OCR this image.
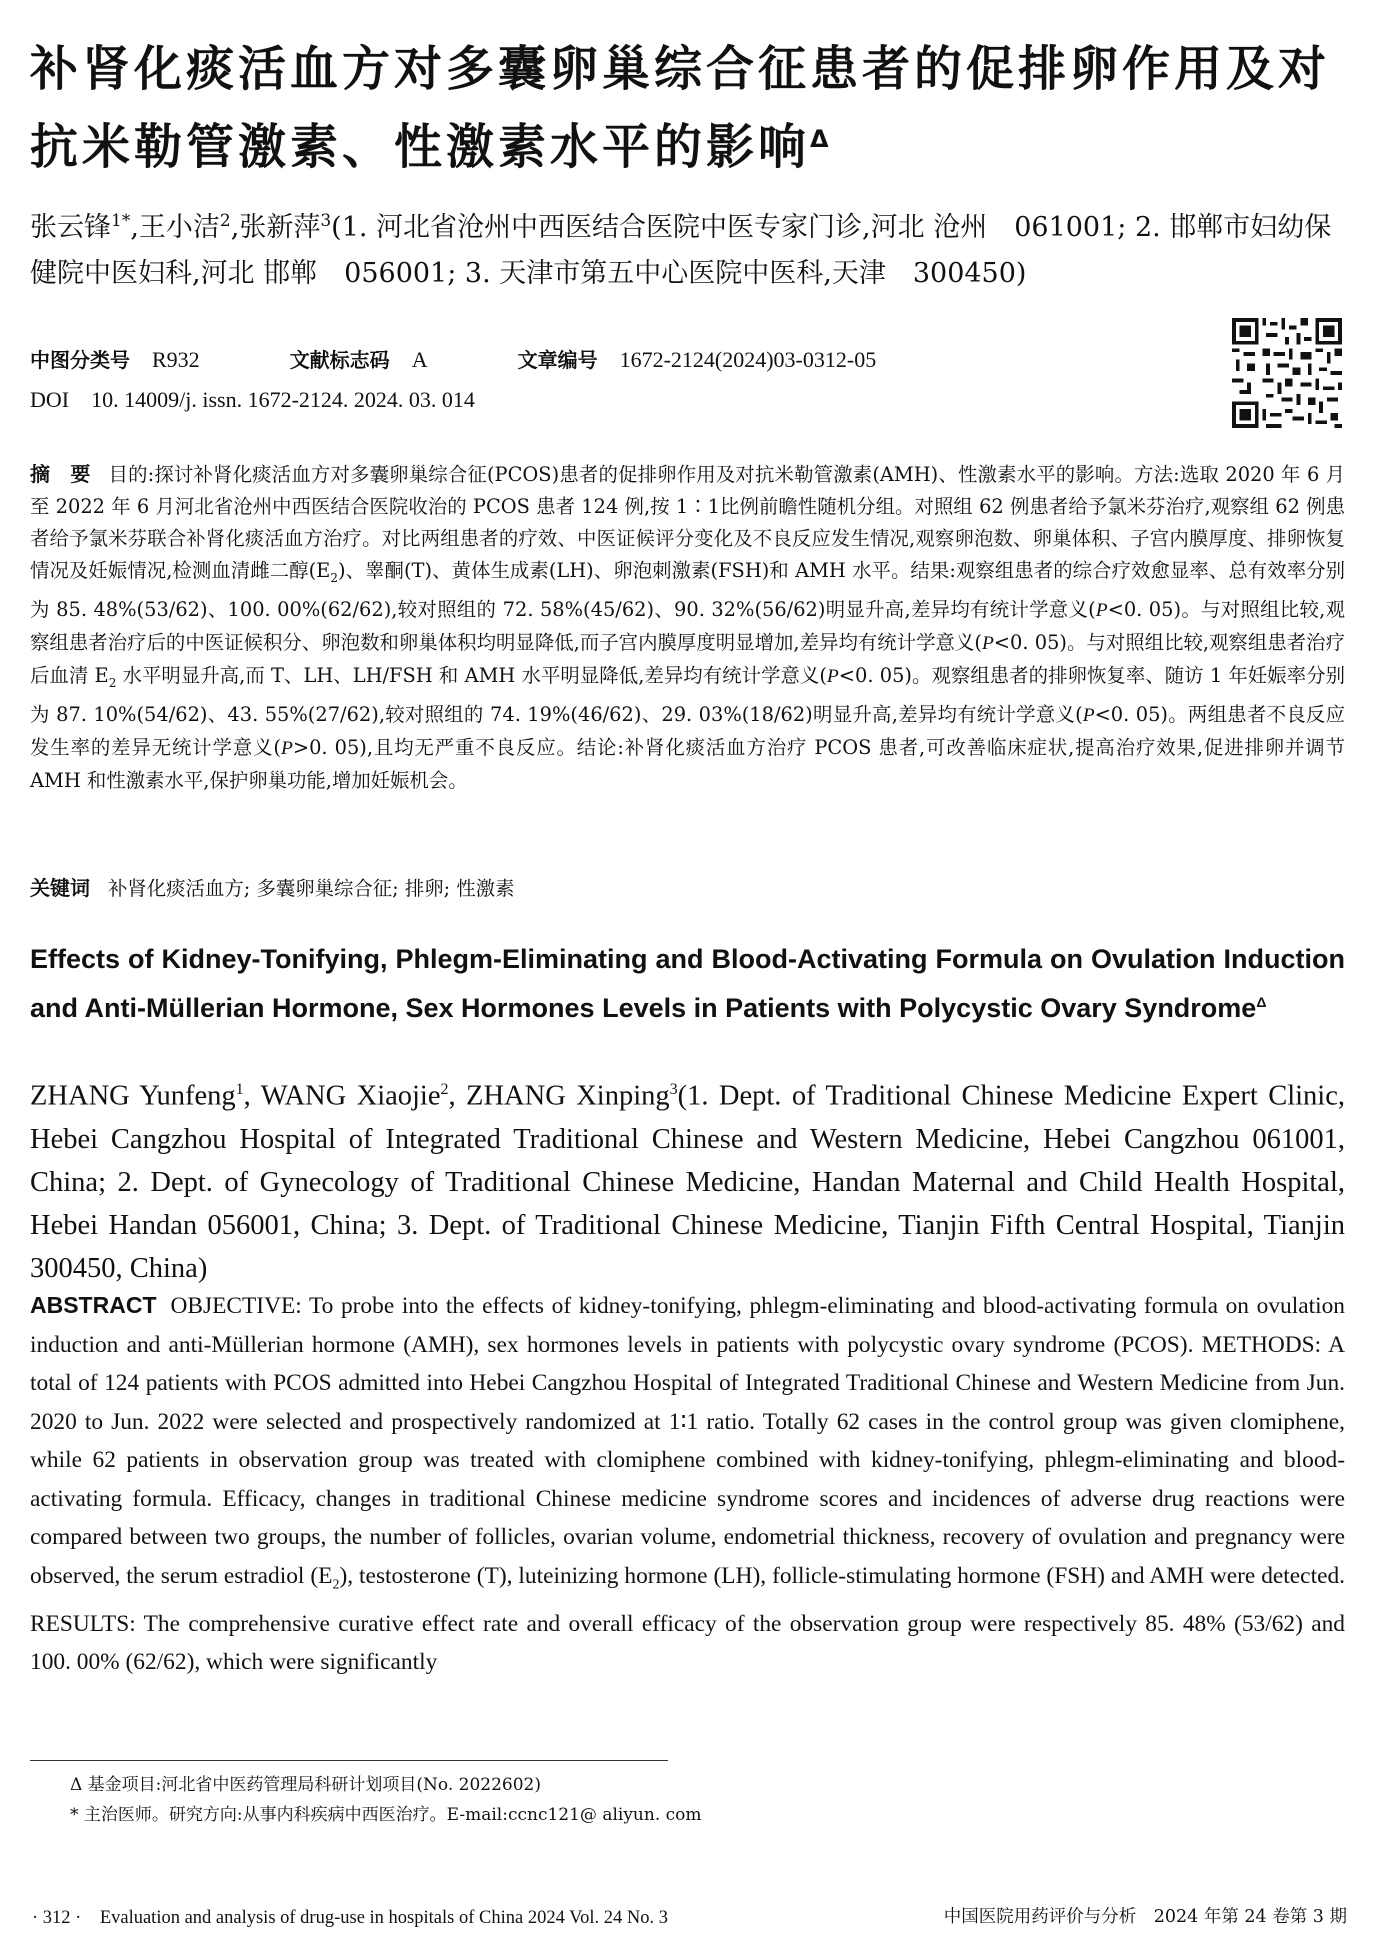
补肾化痰活血方对多囊卵巢综合征患者的促排卵作用及对抗米勒管激素、性激素水平的影响$^\Delta$

张云锋$^{1*}$,王小洁$^2$,张新萍$^3$(1. 河北省沧州中西医结合医院中医专家门诊,河北 沧州　061001; 2. 邯郸市妇幼保健院中医妇科,河北 邯郸　056001; 3. 天津市第五中心医院中医科,天津　300450)

中图分类号 R932	文献标志码 A	文章编号 1672-2124(2024)03-0312-05
DOI 10. 14009/j. issn. 1672-2124. 2024. 03. 014

摘　要 目的:探讨补肾化痰活血方对多囊卵巢综合征(PCOS)患者的促排卵作用及对抗米勒管激素(AMH)、性激素水平的影响。方法:选取 2020 年 6 月至 2022 年 6 月河北省沧州中西医结合医院收治的 PCOS 患者 124 例,按 1∶1比例前瞻性随机分组。对照组 62 例患者给予氯米芬治疗,观察组 62 例患者给予氯米芬联合补肾化痰活血方治疗。对比两组患者的疗效、中医证候评分变化及不良反应发生情况,观察卵泡数、卵巢体积、子宫内膜厚度、排卵恢复情况及妊娠情况,检测血清雌二醇$(E_2)$、睾酮(T)、黄体生成素(LH)、卵泡刺激素(FSH)和 AMH 水平。结果:观察组患者的综合疗效愈显率、总有效率分别为 85. 48%(53/62)、100. 00%(62/62),较对照组的 72. 58%(45/62)、90. 32%(56/62)明显升高,差异均有统计学意义(P<0. 05)。与对照组比较,观察组患者治疗后的中医证候积分、卵泡数和卵巢体积均明显降低,而子宫内膜厚度明显增加,差异均有统计学意义(P<0. 05)。与对照组比较,观察组患者治疗后血清 $E_2$ 水平明显升高,而 T、LH、LH/FSH 和 AMH 水平明显降低,差异均有统计学意义(P<0. 05)。观察组患者的排卵恢复率、随访 1 年妊娠率分别为 87. 10%(54/62)、43. 55%(27/62),较对照组的 74. 19%(46/62)、29. 03%(18/62)明显升高,差异均有统计学意义(P<0. 05)。两组患者不良反应发生率的差异无统计学意义(P>0. 05),且均无严重不良反应。结论:补肾化痰活血方治疗 PCOS 患者,可改善临床症状,提高治疗效果,促进排卵并调节 AMH 和性激素水平,保护卵巢功能,增加妊娠机会。

关键词 补肾化痰活血方; 多囊卵巢综合征; 排卵; 性激素

Effects of Kidney-Tonifying, Phlegm-Eliminating and Blood-Activating Formula on Ovulation Induction and Anti-Müllerian Hormone, Sex Hormones Levels in Patients with Polycystic Ovary Syndrome$^\Delta$

ZHANG Yunfeng$^1$, WANG Xiaojie$^2$, ZHANG Xinping$^3$(1. Dept. of Traditional Chinese Medicine Expert Clinic, Hebei Cangzhou Hospital of Integrated Traditional Chinese and Western Medicine, Hebei Cangzhou 061001, China; 2. Dept. of Gynecology of Traditional Chinese Medicine, Handan Maternal and Child Health Hospital, Hebei Handan 056001, China; 3. Dept. of Traditional Chinese Medicine, Tianjin Fifth Central Hospital, Tianjin 300450, China)

ABSTRACT OBJECTIVE: To probe into the effects of kidney-tonifying, phlegm-eliminating and blood-activating formula on ovulation induction and anti-Müllerian hormone (AMH), sex hormones levels in patients with polycystic ovary syndrome (PCOS). METHODS: A total of 124 patients with PCOS admitted into Hebei Cangzhou Hospital of Integrated Traditional Chinese and Western Medicine from Jun. 2020 to Jun. 2022 were selected and prospectively randomized at 1∶1 ratio. Totally 62 cases in the control group was given clomiphene, while 62 patients in observation group was treated with clomiphene combined with kidney-tonifying, phlegm-eliminating and blood-activating formula. Efficacy, changes in traditional Chinese medicine syndrome scores and incidences of adverse drug reactions were compared between two groups, the number of follicles, ovarian volume, endometrial thickness, recovery of ovulation and pregnancy were observed, the serum estradiol $(E_2)$, testosterone (T), luteinizing hormone (LH), follicle-stimulating hormone (FSH) and AMH were detected. RESULTS: The comprehensive curative effect rate and overall efficacy of the observation group were respectively 85. 48% (53/62) and 100. 00% (62/62), which were significantly

Δ 基金项目:河北省中医药管理局科研计划项目(No. 2022602)
* 主治医师。研究方向:从事内科疾病中西医治疗。E-mail:ccnc121@ aliyun. com
· 312 ·　Evaluation and analysis of drug-use in hospitals of China 2024 Vol. 24 No. 3	中国医院用药评价与分析　2024 年第 24 卷第 3 期
